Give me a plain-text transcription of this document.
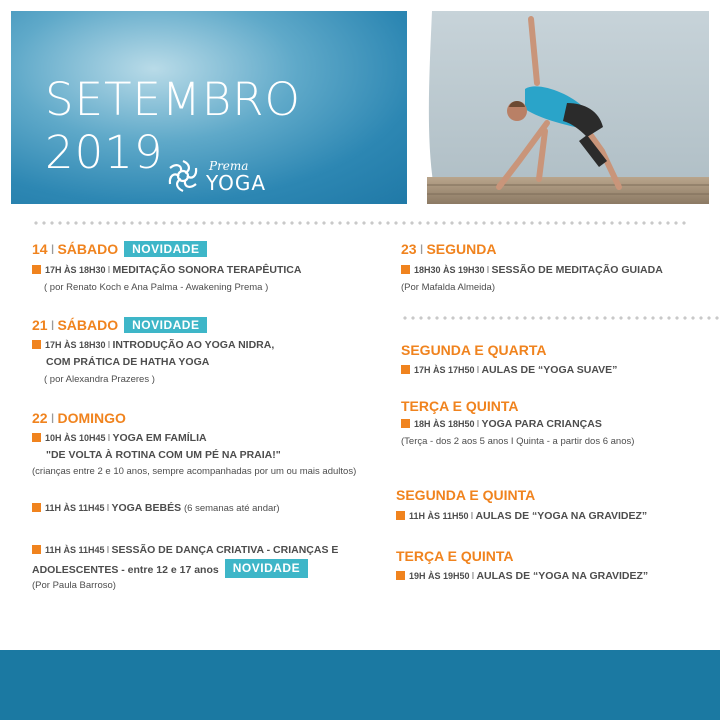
SETEMBRO 2019	Prema
YOGA
14 I SÁBADO NOVIDADE
17H ÀS 18H30 I MEDITAÇÃO SONORA TERAPÊUTICA
( por Renato Koch e Ana Palma - Awakening Prema )
21 I SÁBADO NOVIDADE
17H ÀS 18H30 I INTRODUÇÃO AO YOGA NIDRA,
COM PRÁTICA DE HATHA YOGA
( por Alexandra Prazeres )
22 I DOMINGO
10H ÀS 10H45 I YOGA EM FAMÍLIA
"DE VOLTA À ROTINA COM UM PÉ NA PRAIA!"
(crianças entre 2 e 10 anos, sempre acompanhadas por um ou mais adultos)
11H ÀS 11H45 I YOGA BEBÉS (6 semanas até andar)
11H ÀS 11H45 I SESSÃO DE DANÇA CRIATIVA - CRIANÇAS E
ADOLESCENTES - entre 12 e 17 anos NOVIDADE
(Por Paula Barroso)
23 I SEGUNDA
18H30 ÀS 19H30 I SESSÃO DE MEDITAÇÃO GUIADA
(Por Mafalda Almeida)
SEGUNDA E QUARTA
17H ÀS 17H50 I AULAS DE “YOGA SUAVE”
TERÇA E QUINTA
18H ÀS 18H50 I YOGA PARA CRIANÇAS
(Terça - dos 2 aos 5 anos I Quinta - a partir dos 6 anos)
SEGUNDA E QUINTA
11H ÀS 11H50 I AULAS DE “YOGA NA GRAVIDEZ”
TERÇA E QUINTA
19H ÀS 19H50 I AULAS DE “YOGA NA GRAVIDEZ”
